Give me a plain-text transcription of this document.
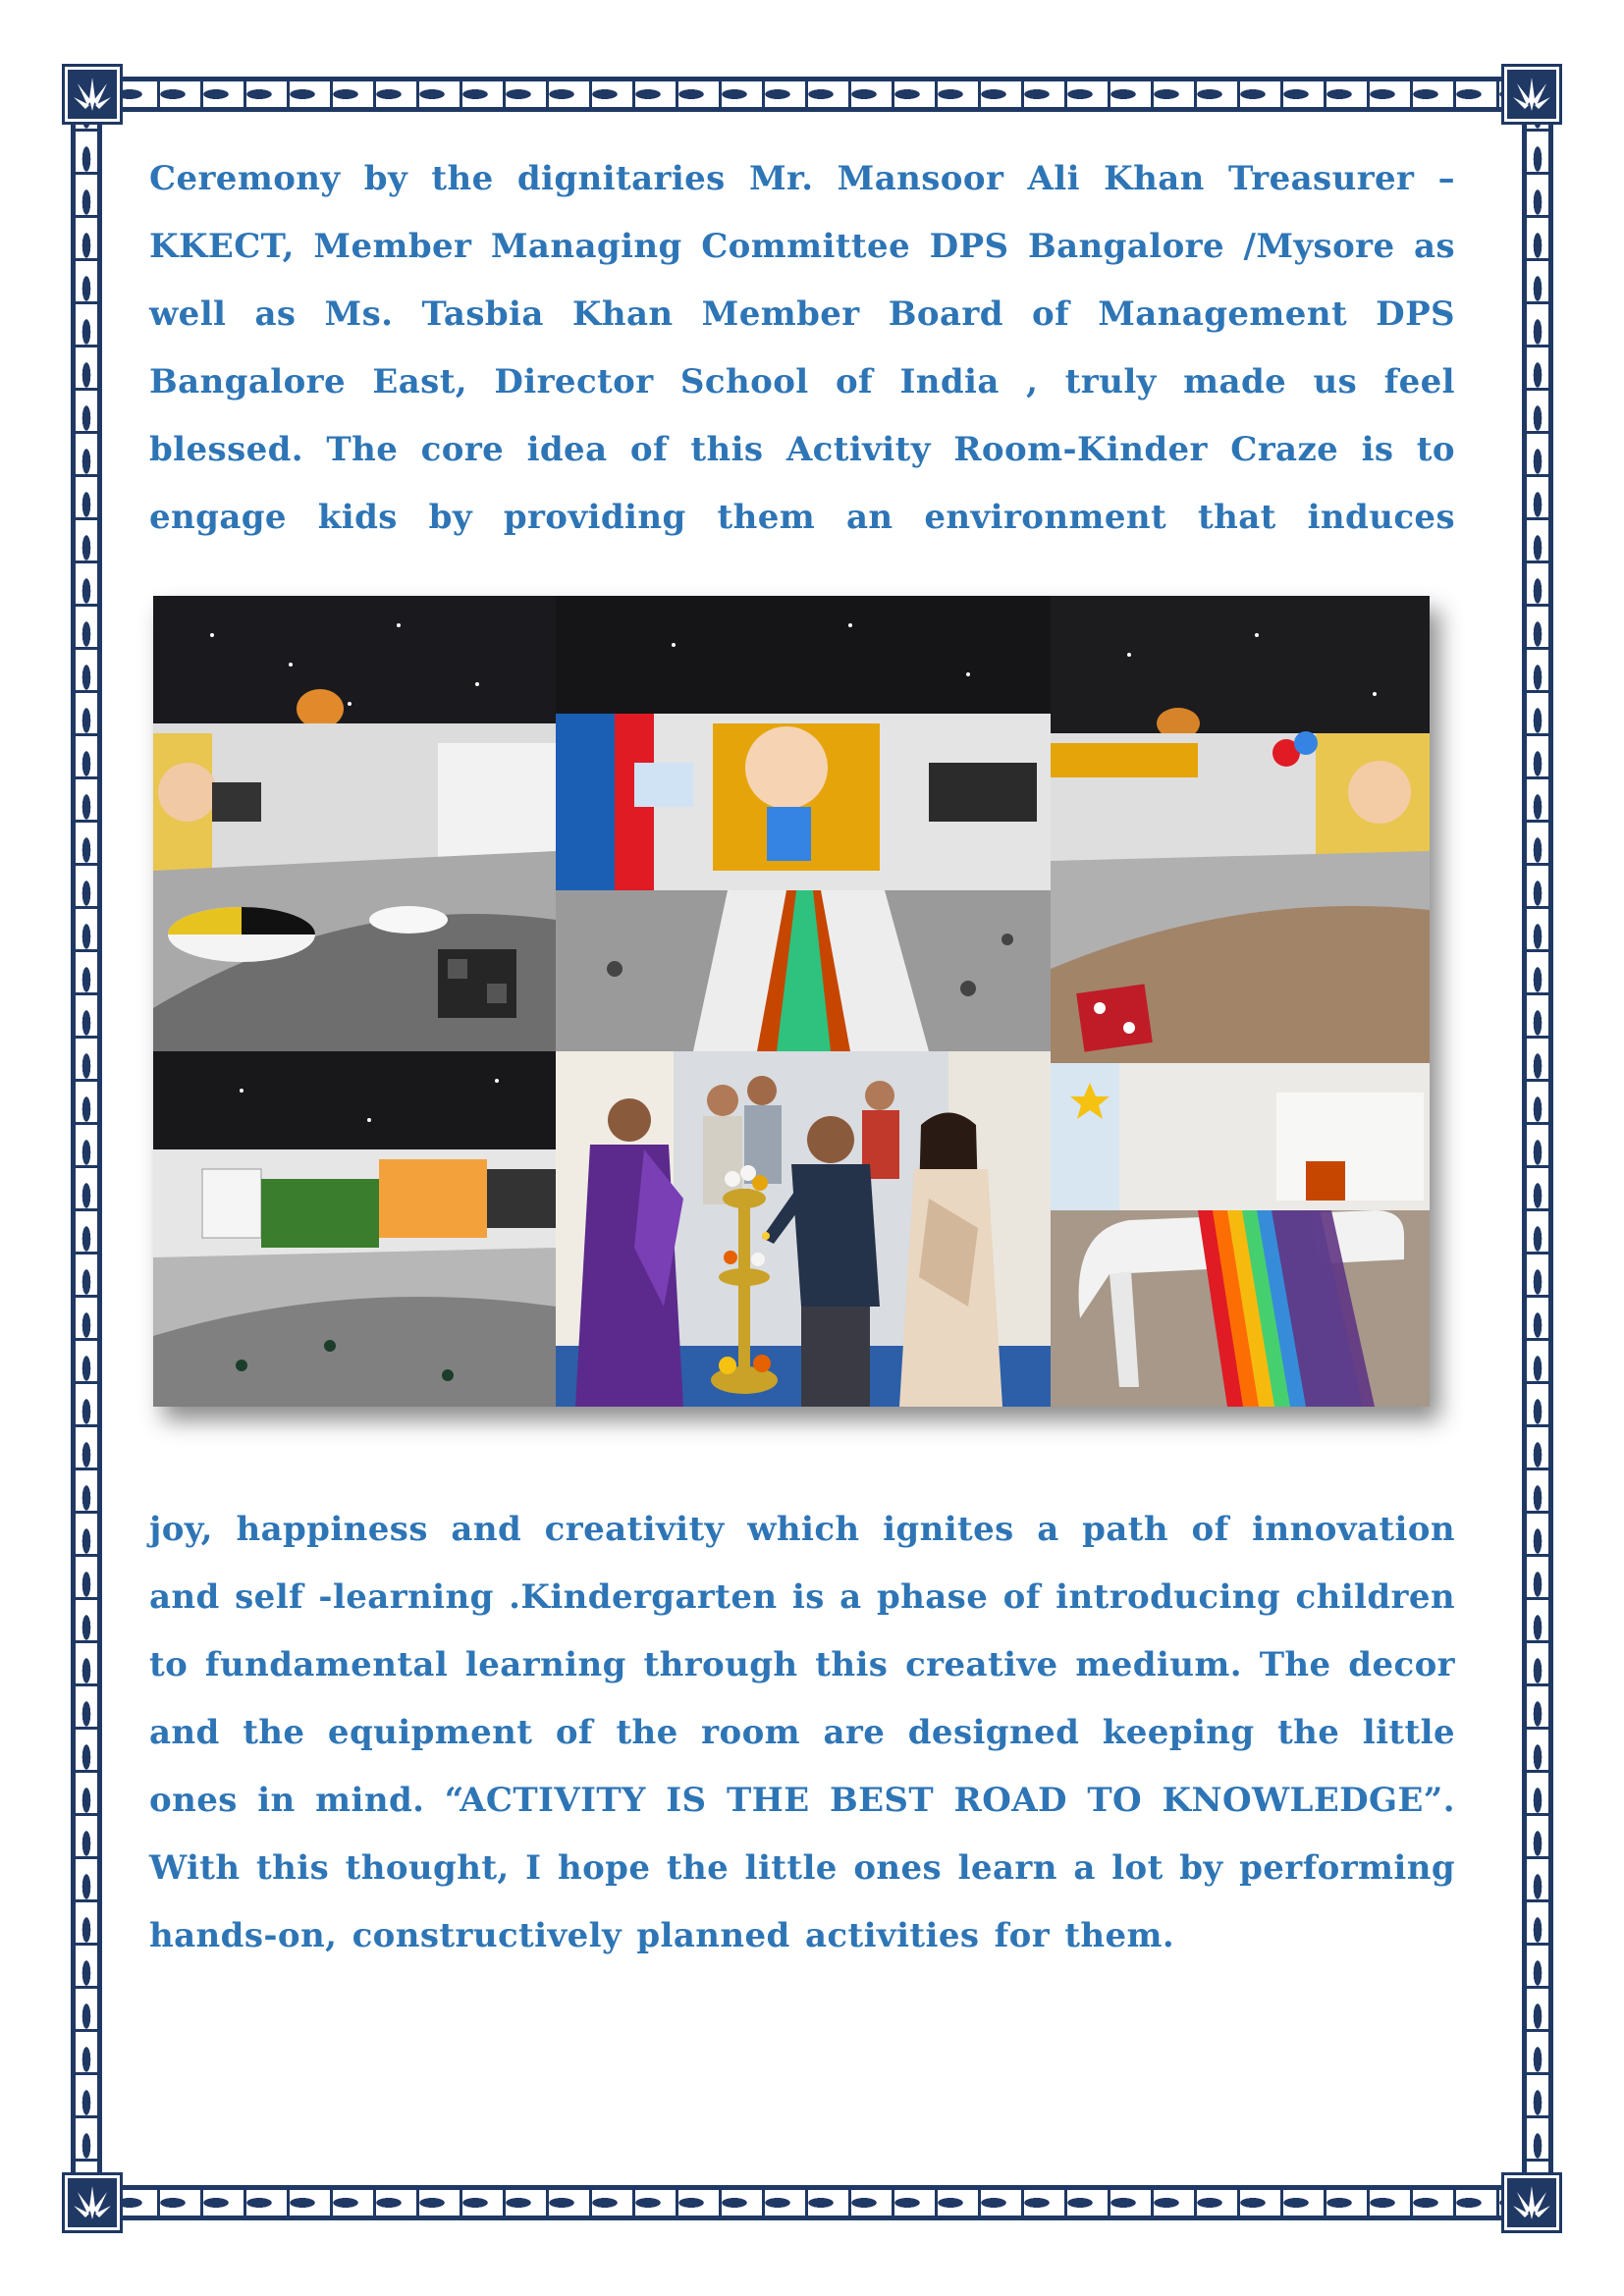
Ceremony by the dignitaries Mr. Mansoor Ali Khan Treasurer – KKECT, Member Managing Committee DPS Bangalore /Mysore as well as Ms. Tasbia Khan Member Board of Management DPS Bangalore East, Director School of India , truly made us feel blessed. The core idea of this Activity Room-Kinder Craze is to engage kids by providing them an environment that induces

joy, happiness and creativity which ignites a path of innovation and self -learning .Kindergarten is a phase of introducing children to fundamental learning through this creative medium. The decor and the equipment of the room are designed keeping the little ones in mind. “ACTIVITY IS THE BEST ROAD TO KNOWLEDGE”. With this thought, I hope the little ones learn a lot by performing hands-on, constructively planned activities for them.
